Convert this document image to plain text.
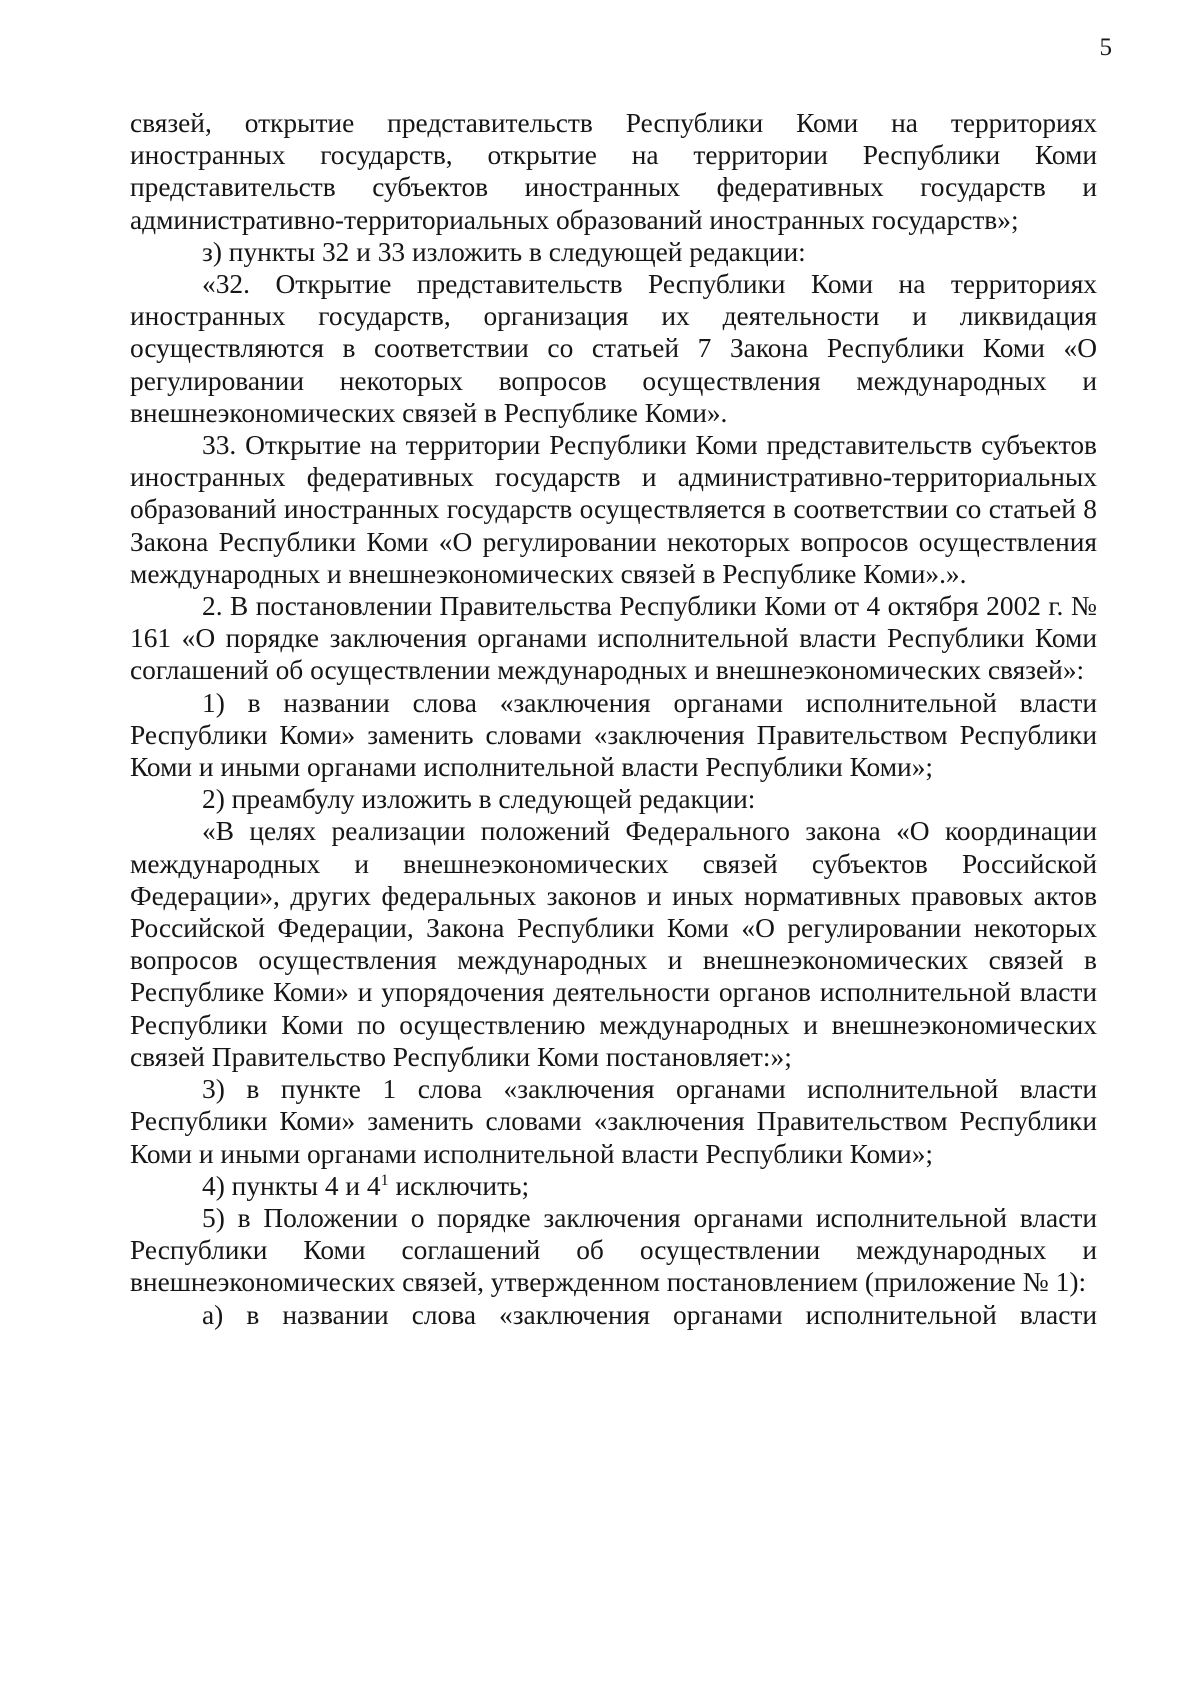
5

связей, открытие представительств Республики Коми на территориях иностранных государств, открытие на территории Республики Коми представительств субъектов иностранных федеративных государств и административно-территориальных образований иностранных государств»;

з) пункты 32 и 33 изложить в следующей редакции:

«32. Открытие представительств Республики Коми на территориях иностранных государств, организация их деятельности и ликвидация осуществляются в соответствии со статьей 7 Закона Республики Коми «О регулировании некоторых вопросов осуществления международных и внешнеэкономических связей в Республике Коми».

33. Открытие на территории Республики Коми представительств субъектов иностранных федеративных государств и административно-территориальных образований иностранных государств осуществляется в соответствии со статьей 8 Закона Республики Коми «О регулировании некоторых вопросов осуществления международных и внешнеэкономических связей в Республике Коми».».

2. В постановлении Правительства Республики Коми от 4 октября 2002 г. № 161 «О порядке заключения органами исполнительной власти Республики Коми соглашений об осуществлении международных и внешнеэкономических связей»:

1) в названии слова «заключения органами исполнительной власти Республики Коми» заменить словами «заключения Правительством Республики Коми и иными органами исполнительной власти Республики Коми»;

2) преамбулу изложить в следующей редакции:

«В целях реализации положений Федерального закона «О координации международных и внешнеэкономических связей субъектов Российской Федерации», других федеральных законов и иных нормативных правовых актов Российской Федерации, Закона Республики Коми «О регулировании некоторых вопросов осуществления международных и внешнеэкономических связей в Республике Коми» и упорядочения деятельности органов исполнительной власти Республики Коми по осуществлению международных и внешнеэкономических связей Правительство Республики Коми постановляет:»;

3) в пункте 1 слова «заключения органами исполнительной власти Республики Коми» заменить словами «заключения Правительством Республики Коми и иными органами исполнительной власти Республики Коми»;

4) пункты 4 и $4^1$ исключить;

5) в Положении о порядке заключения органами исполнительной власти Республики Коми соглашений об осуществлении международных и внешнеэкономических связей, утвержденном постановлением (приложение № 1):

а) в названии слова «заключения органами исполнительной власти
